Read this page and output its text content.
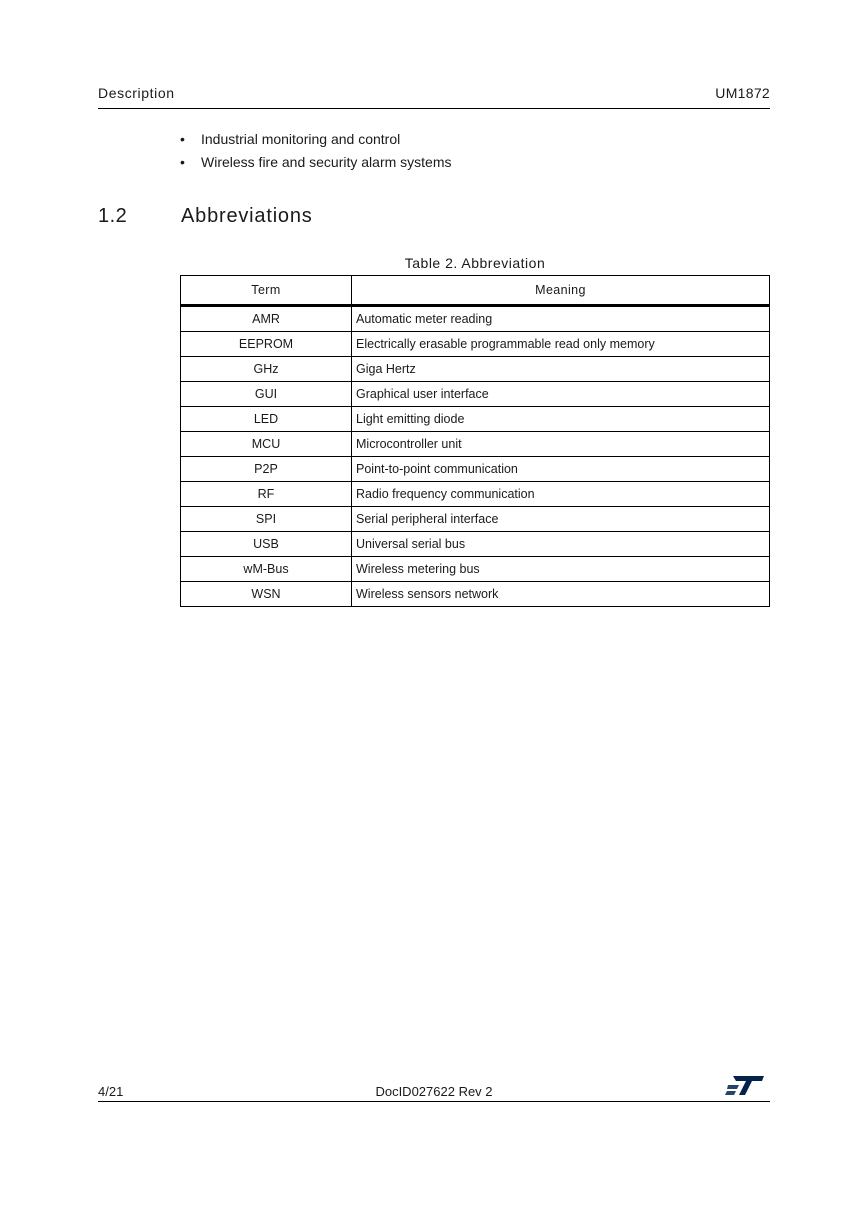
Description	UM1872
• Industrial monitoring and control
• Wireless fire and security alarm systems
1.2	Abbreviations
Table 2. Abbreviation
Term	Meaning
AMR	Automatic meter reading
EEPROM	Electrically erasable programmable read only memory
GHz	Giga Hertz
GUI	Graphical user interface
LED	Light emitting diode
MCU	Microcontroller unit
P2P	Point-to-point communication
RF	Radio frequency communication
SPI	Serial peripheral interface
USB	Universal serial bus
wM-Bus	Wireless metering bus
WSN	Wireless sensors network
4/21	DocID027622 Rev 2
